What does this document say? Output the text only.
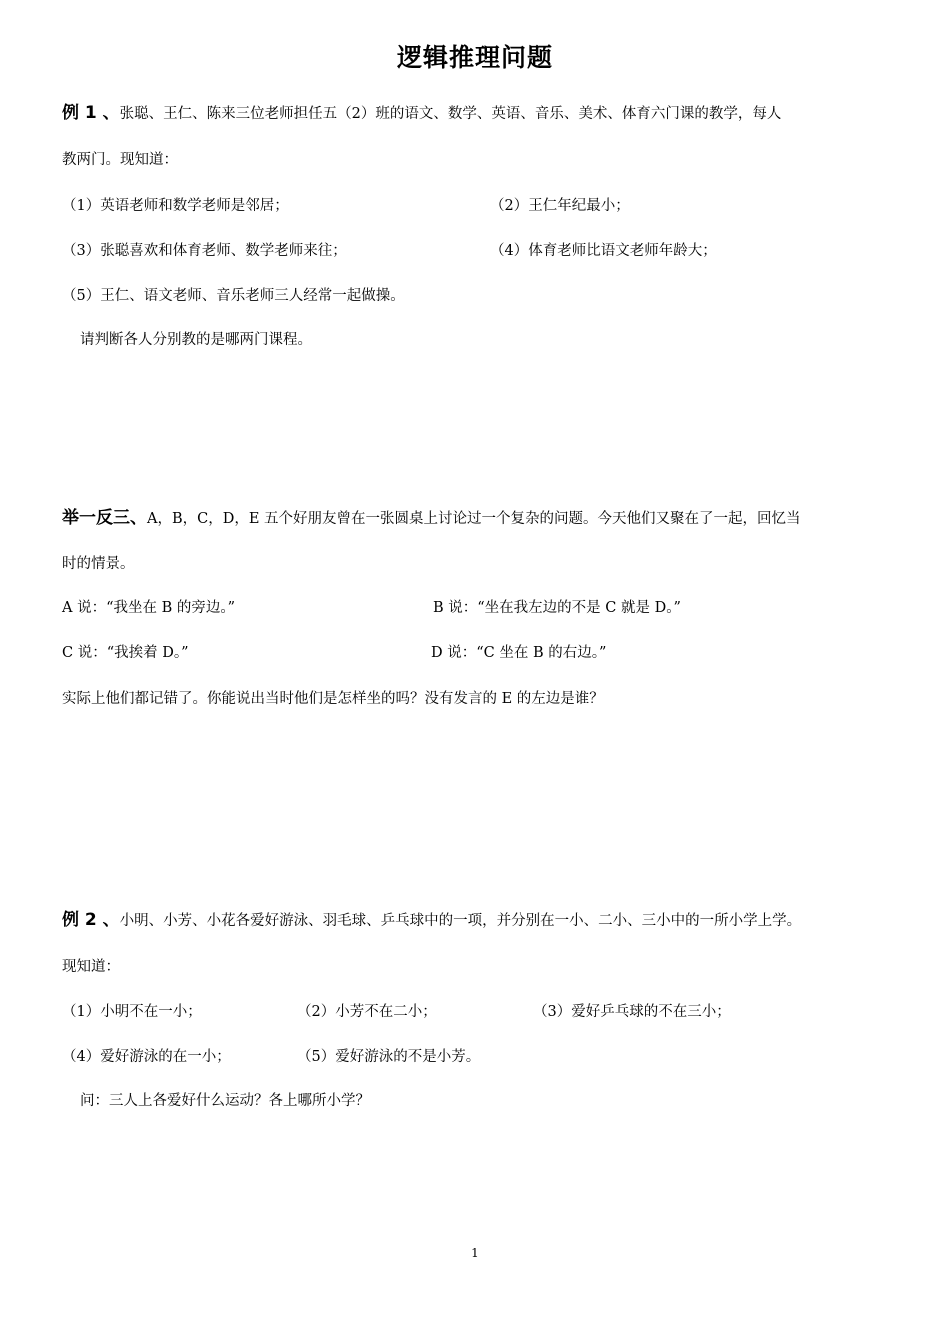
逻辑推理问题
例 1 、张聪、王仁、陈来三位老师担任五（2）班的语文、数学、英语、音乐、美术、体育六门课的教学，每人
教两门。现知道：
（1）英语老师和数学老师是邻居；	（2）王仁年纪最小；
（3）张聪喜欢和体育老师、数学老师来往；	（4）体育老师比语文老师年龄大；
（5）王仁、语文老师、音乐老师三人经常一起做操。
请判断各人分别教的是哪两门课程。
举一反三、A，B，C，D，E 五个好朋友曾在一张圆桌上讨论过一个复杂的问题。今天他们又聚在了一起，回忆当
时的情景。
A 说：“我坐在 B 的旁边。”	B 说：“坐在我左边的不是 C 就是 D。”
C 说：“我挨着 D。”	D 说：“C 坐在 B 的右边。”
实际上他们都记错了。你能说出当时他们是怎样坐的吗？没有发言的 E 的左边是谁？
例 2 、小明、小芳、小花各爱好游泳、羽毛球、乒乓球中的一项，并分别在一小、二小、三小中的一所小学上学。
现知道：
（1）小明不在一小；	（2）小芳不在二小；	（3）爱好乒乓球的不在三小；
（4）爱好游泳的在一小；	（5）爱好游泳的不是小芳。
问：三人上各爱好什么运动？各上哪所小学？
1
